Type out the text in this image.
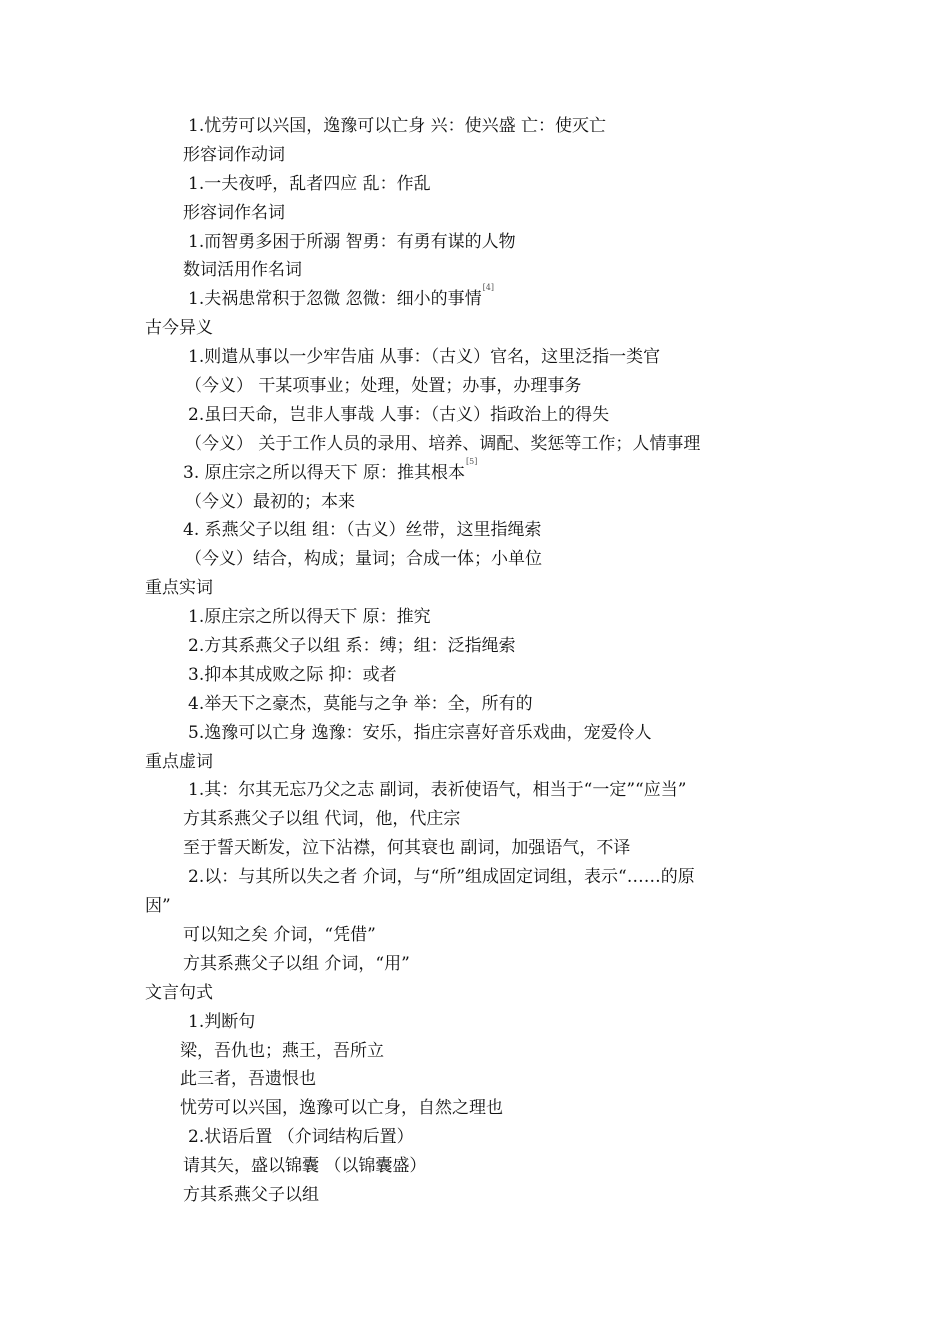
1.忧劳可以兴国，逸豫可以亡身 兴：使兴盛 亡：使灭亡
形容词作动词
1.一夫夜呼，乱者四应 乱：作乱
形容词作名词
1.而智勇多困于所溺 智勇：有勇有谋的人物
数词活用作名词
1.夫祸患常积于忽微 忽微：细小的事情[4]
古今异义
1.则遣从事以一少牢告庙 从事：（古义）官名，这里泛指一类官
（今义） 干某项事业；处理，处置；办事，办理事务
2.虽曰天命，岂非人事哉 人事：（古义）指政治上的得失
（今义） 关于工作人员的录用、培养、调配、奖惩等工作；人情事理
3. 原庄宗之所以得天下 原：推其根本[5]
（今义）最初的；本来
4. 系燕父子以组 组：（古义）丝带，这里指绳索
（今义）结合，构成；量词；合成一体；小单位
重点实词
1.原庄宗之所以得天下 原：推究
2.方其系燕父子以组 系：缚；组：泛指绳索
3.抑本其成败之际 抑：或者
4.举天下之豪杰，莫能与之争 举：全，所有的
5.逸豫可以亡身 逸豫：安乐，指庄宗喜好音乐戏曲，宠爱伶人
重点虚词
1.其：尔其无忘乃父之志 副词，表祈使语气，相当于“一定”“应当”
方其系燕父子以组 代词，他，代庄宗
至于誓天断发，泣下沾襟，何其衰也 副词，加强语气，不译
2.以：与其所以失之者 介词，与“所”组成固定词组，表示“……的原
因”
可以知之矣 介词，“凭借”
方其系燕父子以组 介词，“用”
文言句式
1.判断句
梁，吾仇也；燕王，吾所立
此三者，吾遗恨也
忧劳可以兴国，逸豫可以亡身，自然之理也
2.状语后置 （介词结构后置）
请其矢，盛以锦囊 （以锦囊盛）
方其系燕父子以组
